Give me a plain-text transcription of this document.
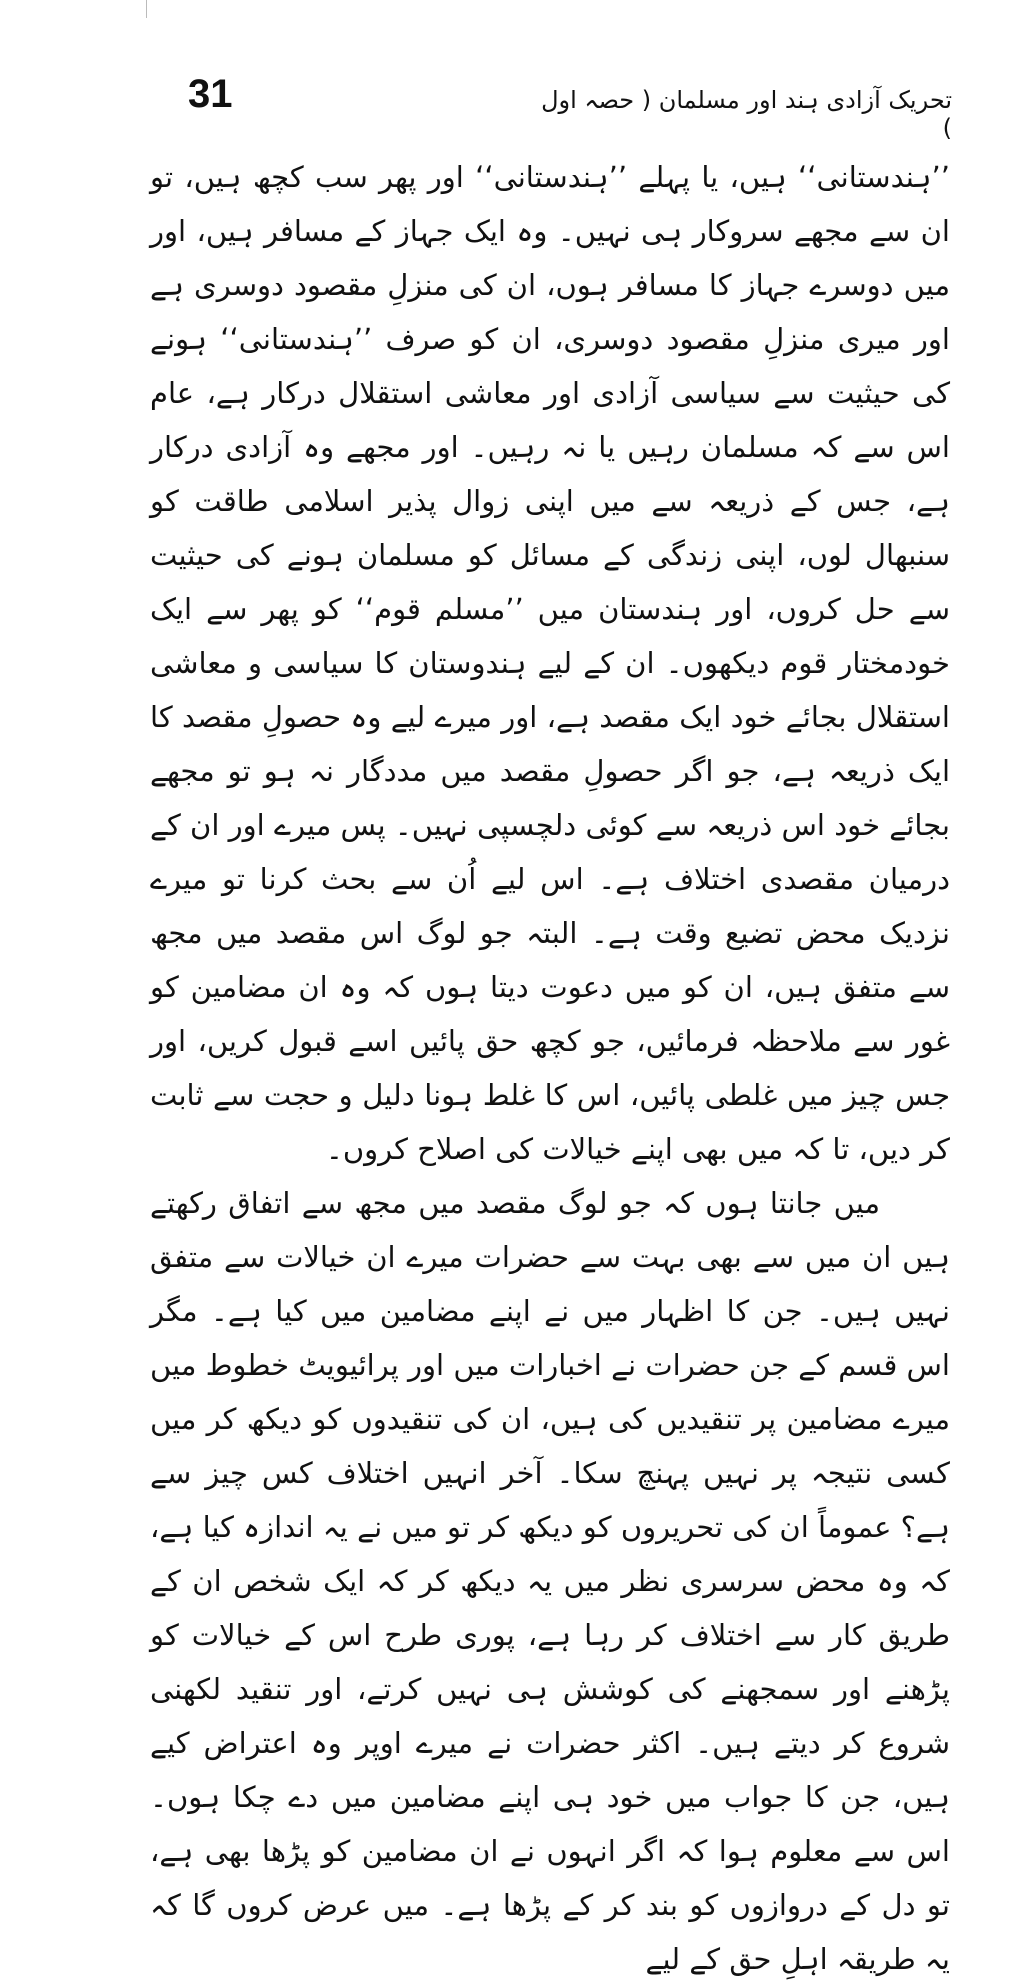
31	تحریک آزادی ہند اور مسلمان ( حصہ اول )

’’ہندستانی‘‘ ہیں، یا پہلے ’’ہندستانی‘‘ اور پھر سب کچھ ہیں، تو ان سے مجھے سروکار ہی نہیں۔ وہ ایک جہاز کے مسافر ہیں، اور میں دوسرے جہاز کا مسافر ہوں، ان کی منزلِ مقصود دوسری ہے اور میری منزلِ مقصود دوسری، ان کو صرف ’’ہندستانی‘‘ ہونے کی حیثیت سے سیاسی آزادی اور معاشی استقلال درکار ہے، عام اس سے کہ مسلمان رہیں یا نہ رہیں۔ اور مجھے وہ آزادی درکار ہے، جس کے ذریعہ سے میں اپنی زوال پذیر اسلامی طاقت کو سنبھال لوں، اپنی زندگی کے مسائل کو مسلمان ہونے کی حیثیت سے حل کروں، اور ہندستان میں ’’مسلم قوم‘‘ کو پھر سے ایک خودمختار قوم دیکھوں۔ ان کے لیے ہندوستان کا سیاسی و معاشی استقلال بجائے خود ایک مقصد ہے، اور میرے لیے وہ حصولِ مقصد کا ایک ذریعہ ہے، جو اگر حصولِ مقصد میں مددگار نہ ہو تو مجھے بجائے خود اس ذریعہ سے کوئی دلچسپی نہیں۔ پس میرے اور ان کے درمیان مقصدی اختلاف ہے۔ اس لیے اُن سے بحث کرنا تو میرے نزدیک محض تضیع وقت ہے۔ البتہ جو لوگ اس مقصد میں مجھ سے متفق ہیں، ان کو میں دعوت دیتا ہوں کہ وہ ان مضامین کو غور سے ملاحظہ فرمائیں، جو کچھ حق پائیں اسے قبول کریں، اور جس چیز میں غلطی پائیں، اس کا غلط ہونا دلیل و حجت سے ثابت کر دیں، تا کہ میں بھی اپنے خیالات کی اصلاح کروں۔

میں جانتا ہوں کہ جو لوگ مقصد میں مجھ سے اتفاق رکھتے ہیں ان میں سے بھی بہت سے حضرات میرے ان خیالات سے متفق نہیں ہیں۔ جن کا اظہار میں نے اپنے مضامین میں کیا ہے۔ مگر اس قسم کے جن حضرات نے اخبارات میں اور پرائیویٹ خطوط میں میرے مضامین پر تنقیدیں کی ہیں، ان کی تنقیدوں کو دیکھ کر میں کسی نتیجہ پر نہیں پہنچ سکا۔ آخر انہیں اختلاف کس چیز سے ہے؟ عموماً ان کی تحریروں کو دیکھ کر تو میں نے یہ اندازہ کیا ہے، کہ وہ محض سرسری نظر میں یہ دیکھ کر کہ ایک شخص ان کے طریق کار سے اختلاف کر رہا ہے، پوری طرح اس کے خیالات کو پڑھنے اور سمجھنے کی کوشش ہی نہیں کرتے، اور تنقید لکھنی شروع کر دیتے ہیں۔ اکثر حضرات نے میرے اوپر وہ اعتراض کیے ہیں، جن کا جواب میں خود ہی اپنے مضامین میں دے چکا ہوں۔ اس سے معلوم ہوا کہ اگر انہوں نے ان مضامین کو پڑھا بھی ہے، تو دل کے دروازوں کو بند کر کے پڑھا ہے۔ میں عرض کروں گا کہ یہ طریقہ اہلِ حق کے لیے
